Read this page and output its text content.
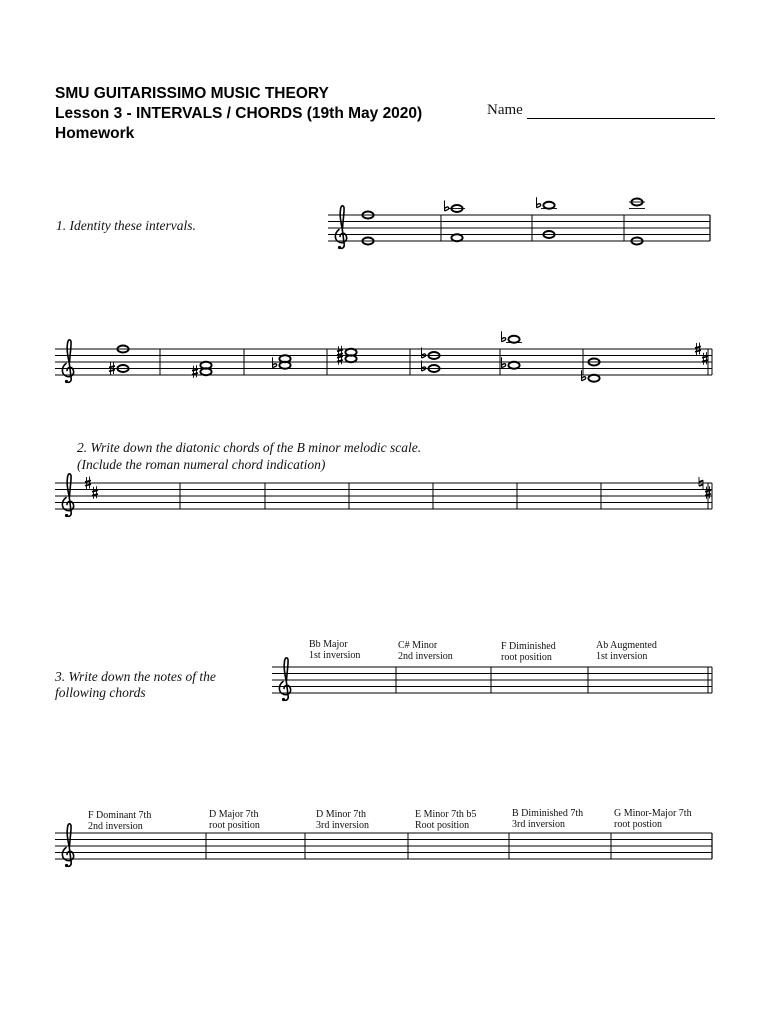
SMU GUITARISSIMO MUSIC THEORY
Lesson 3 - INTERVALS / CHORDS (19th May 2020)
Homework
Name
1. Identity these intervals.
2. Write down the diatonic chords of the B minor melodic scale.
(Include the roman numeral chord indication)
3. Write down the notes of the
following chords
Bb Major
1st inversion
C# Minor
2nd inversion
F Diminished
root position
Ab Augmented
1st inversion
F Dominant 7th
2nd inversion
D Major 7th
root position
D Minor 7th
3rd inversion
E Minor 7th b5
Root position
B Diminished 7th
3rd inversion
G Minor-Major 7th
root postion
